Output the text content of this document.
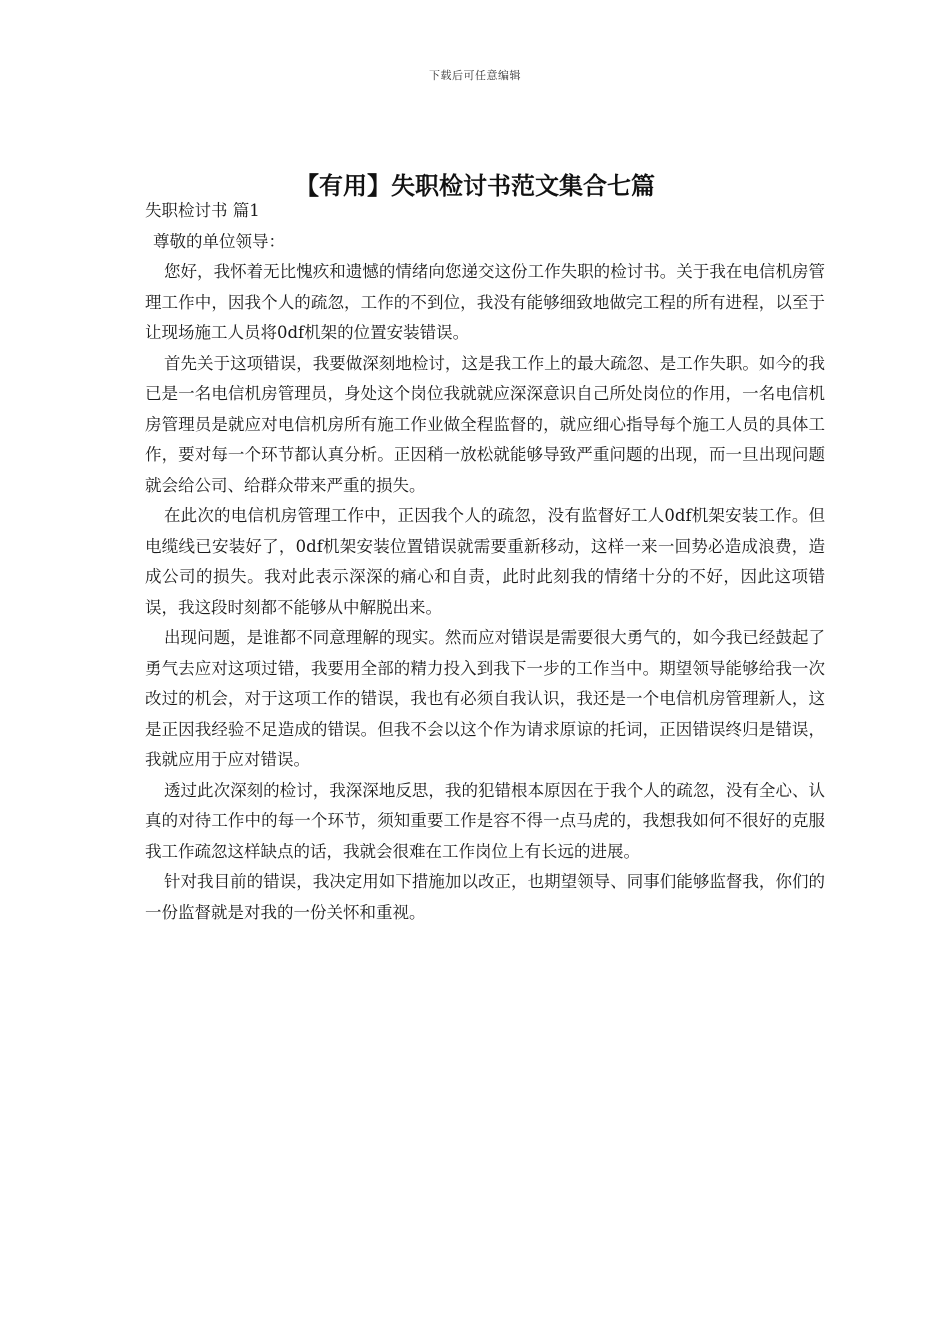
下载后可任意编辑
【有用】失职检讨书范文集合七篇

失职检讨书 篇1

尊敬的单位领导：

您好，我怀着无比愧疚和遗憾的情绪向您递交这份工作失职的检讨书。关于我在电信机房管理工作中，因我个人的疏忽，工作的不到位，我没有能够细致地做完工程的所有进程，以至于让现场施工人员将0df机架的位置安装错误。

首先关于这项错误，我要做深刻地检讨，这是我工作上的最大疏忽、是工作失职。如今的我已是一名电信机房管理员，身处这个岗位我就就应深深意识自己所处岗位的作用，一名电信机房管理员是就应对电信机房所有施工作业做全程监督的，就应细心指导每个施工人员的具体工作，要对每一个环节都认真分析。正因稍一放松就能够导致严重问题的出现，而一旦出现问题就会给公司、给群众带来严重的损失。

在此次的电信机房管理工作中，正因我个人的疏忽，没有监督好工人0df机架安装工作。但电缆线已安装好了，0df机架安装位置错误就需要重新移动，这样一来一回势必造成浪费，造成公司的损失。我对此表示深深的痛心和自责，此时此刻我的情绪十分的不好，因此这项错误，我这段时刻都不能够从中解脱出来。

出现问题，是谁都不同意理解的现实。然而应对错误是需要很大勇气的，如今我已经鼓起了勇气去应对这项过错，我要用全部的精力投入到我下一步的工作当中。期望领导能够给我一次改过的机会，对于这项工作的错误，我也有必须自我认识，我还是一个电信机房管理新人，这是正因我经验不足造成的错误。但我不会以这个作为请求原谅的托词，正因错误终归是错误，我就应用于应对错误。

透过此次深刻的检讨，我深深地反思，我的犯错根本原因在于我个人的疏忽，没有全心、认真的对待工作中的每一个环节，须知重要工作是容不得一点马虎的，我想我如何不很好的克服我工作疏忽这样缺点的话，我就会很难在工作岗位上有长远的进展。

针对我目前的错误，我决定用如下措施加以改正，也期望领导、同事们能够监督我，你们的一份监督就是对我的一份关怀和重视。
